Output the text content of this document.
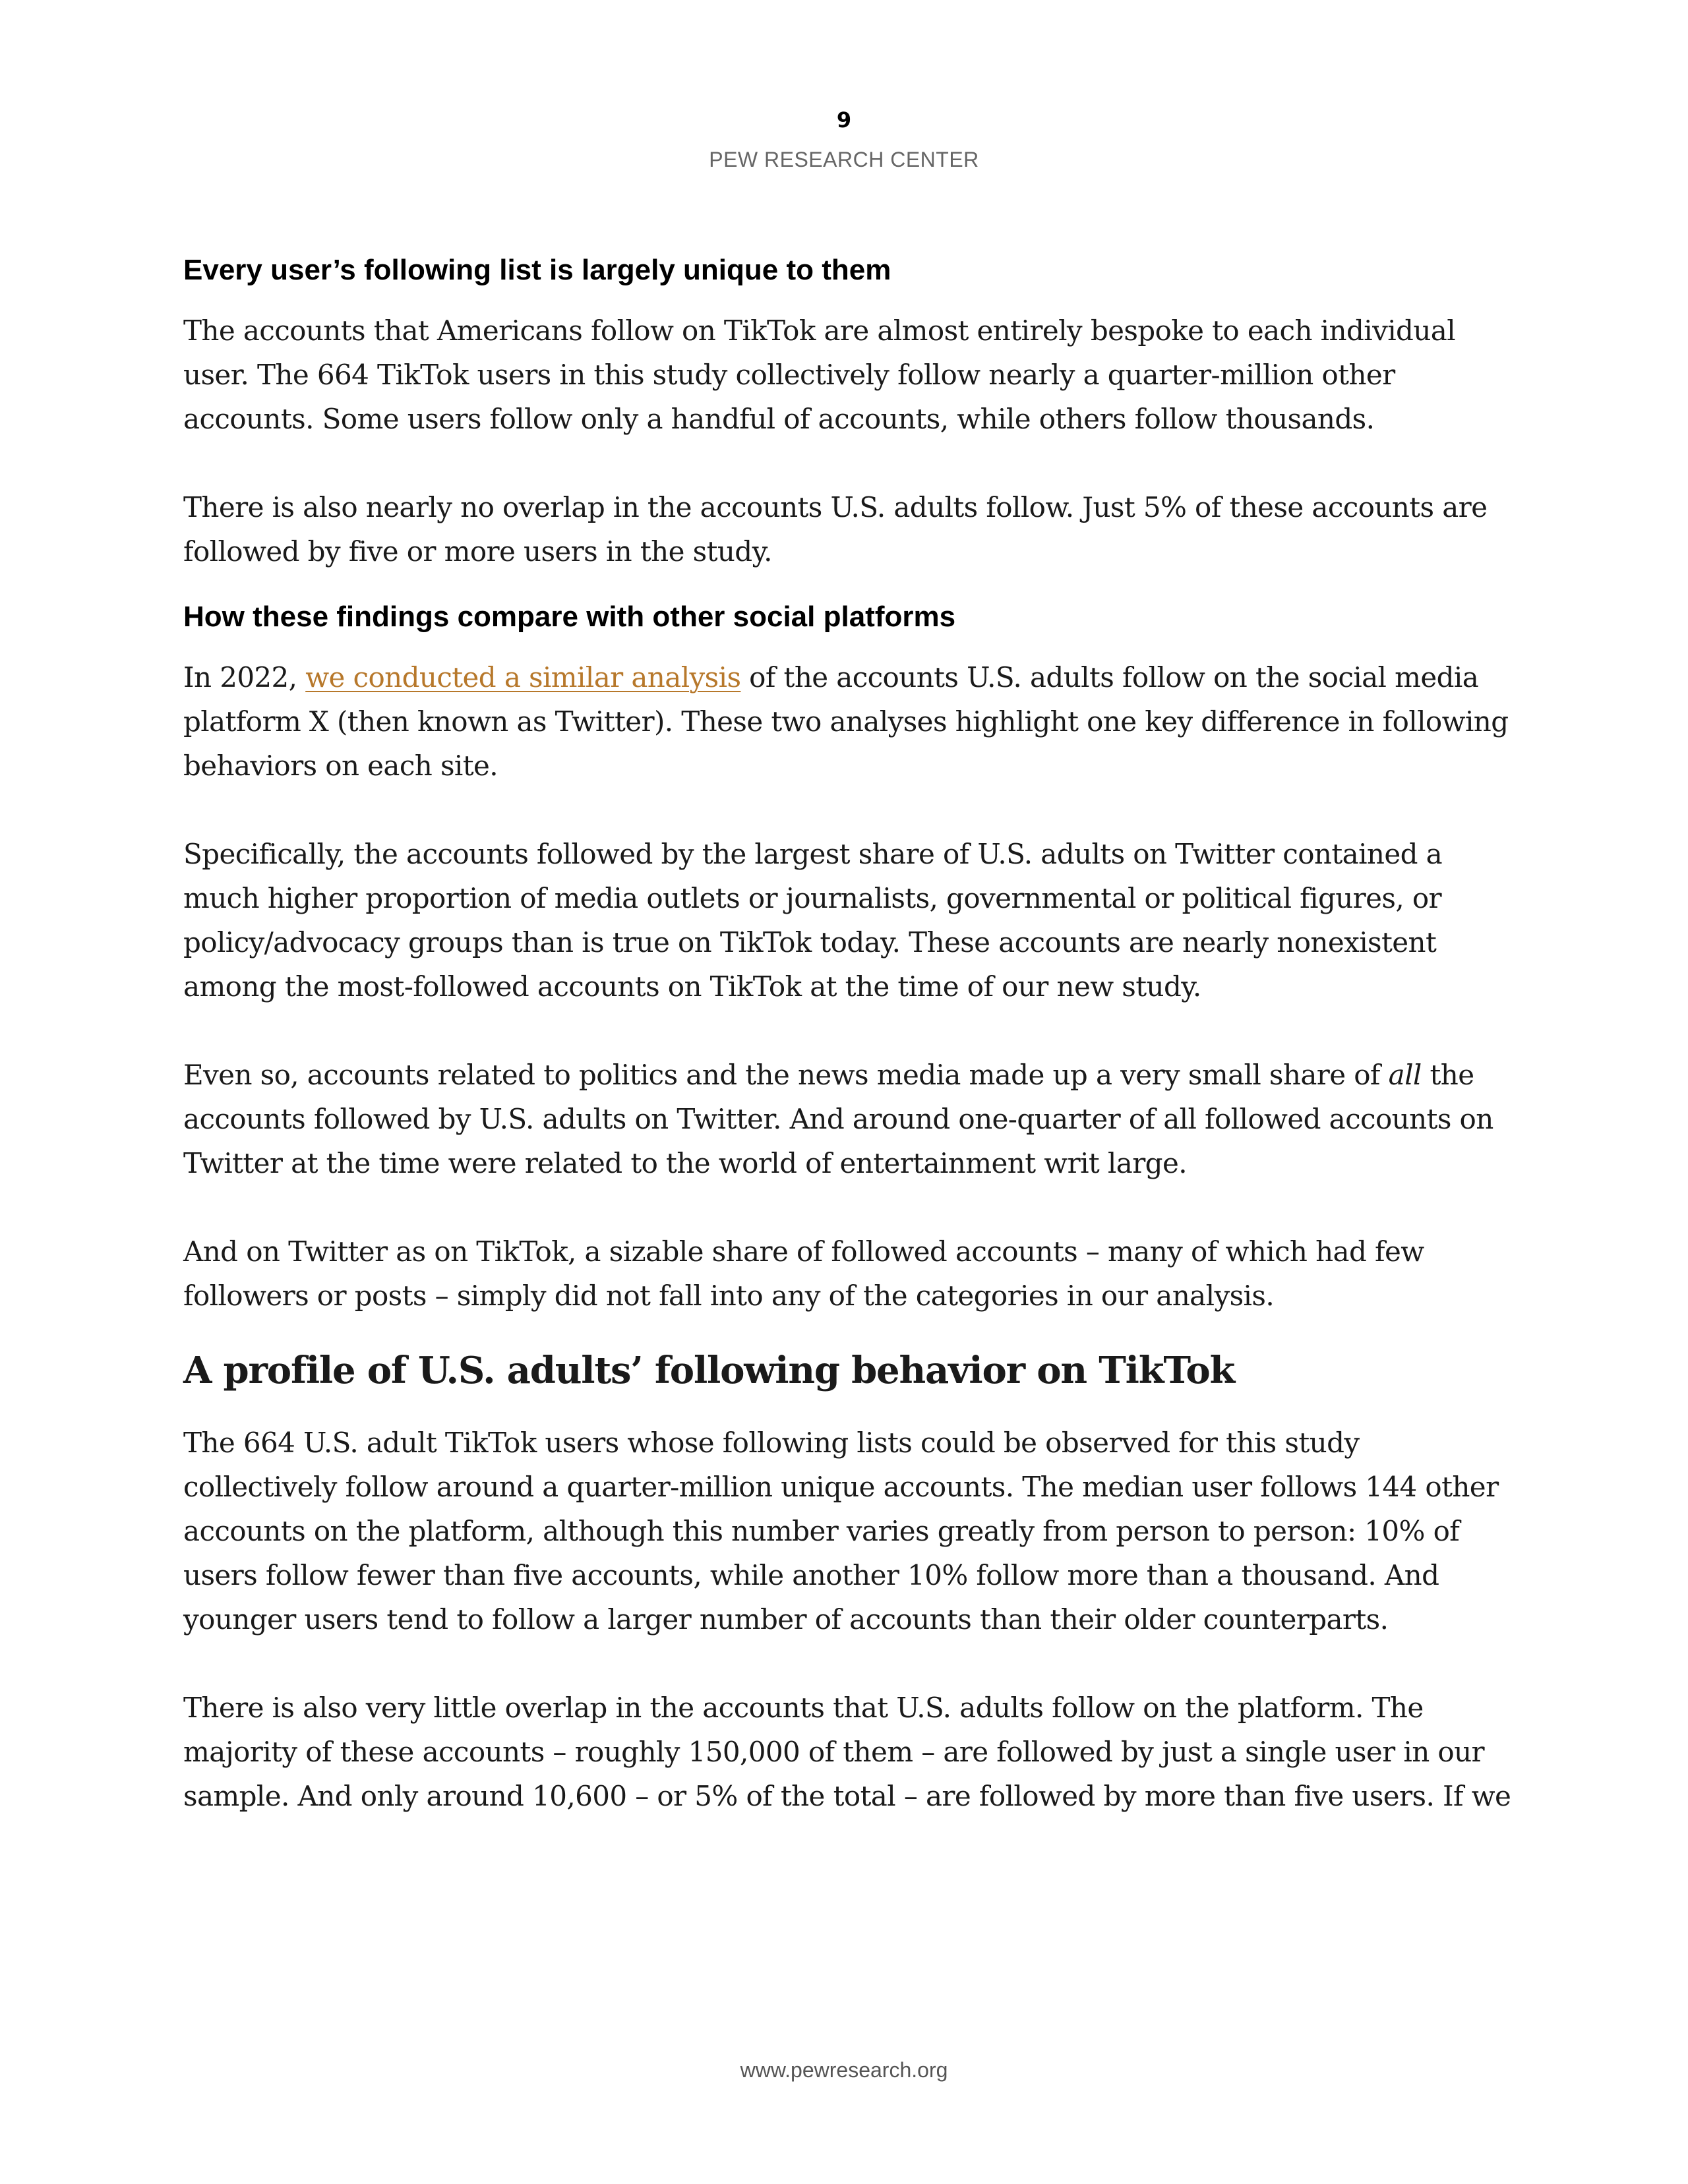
9
PEW RESEARCH CENTER
Every user’s following list is largely unique to them

The accounts that Americans follow on TikTok are almost entirely bespoke to each individual user. The 664 TikTok users in this study collectively follow nearly a quarter-million other accounts. Some users follow only a handful of accounts, while others follow thousands.

There is also nearly no overlap in the accounts U.S. adults follow. Just 5% of these accounts are followed by five or more users in the study.

How these findings compare with other social platforms

In 2022, we conducted a similar analysis of the accounts U.S. adults follow on the social media platform X (then known as Twitter). These two analyses highlight one key difference in following behaviors on each site.

Specifically, the accounts followed by the largest share of U.S. adults on Twitter contained a much higher proportion of media outlets or journalists, governmental or political figures, or policy/advocacy groups than is true on TikTok today. These accounts are nearly nonexistent among the most-followed accounts on TikTok at the time of our new study.

Even so, accounts related to politics and the news media made up a very small share of all the accounts followed by U.S. adults on Twitter. And around one-quarter of all followed accounts on Twitter at the time were related to the world of entertainment writ large.

And on Twitter as on TikTok, a sizable share of followed accounts – many of which had few followers or posts – simply did not fall into any of the categories in our analysis.

A profile of U.S. adults’ following behavior on TikTok

The 664 U.S. adult TikTok users whose following lists could be observed for this study collectively follow around a quarter-million unique accounts. The median user follows 144 other accounts on the platform, although this number varies greatly from person to person: 10% of users follow fewer than five accounts, while another 10% follow more than a thousand. And younger users tend to follow a larger number of accounts than their older counterparts.

There is also very little overlap in the accounts that U.S. adults follow on the platform. The majority of these accounts – roughly 150,000 of them – are followed by just a single user in our sample. And only around 10,600 – or 5% of the total – are followed by more than five users. If we

www.pewresearch.org
